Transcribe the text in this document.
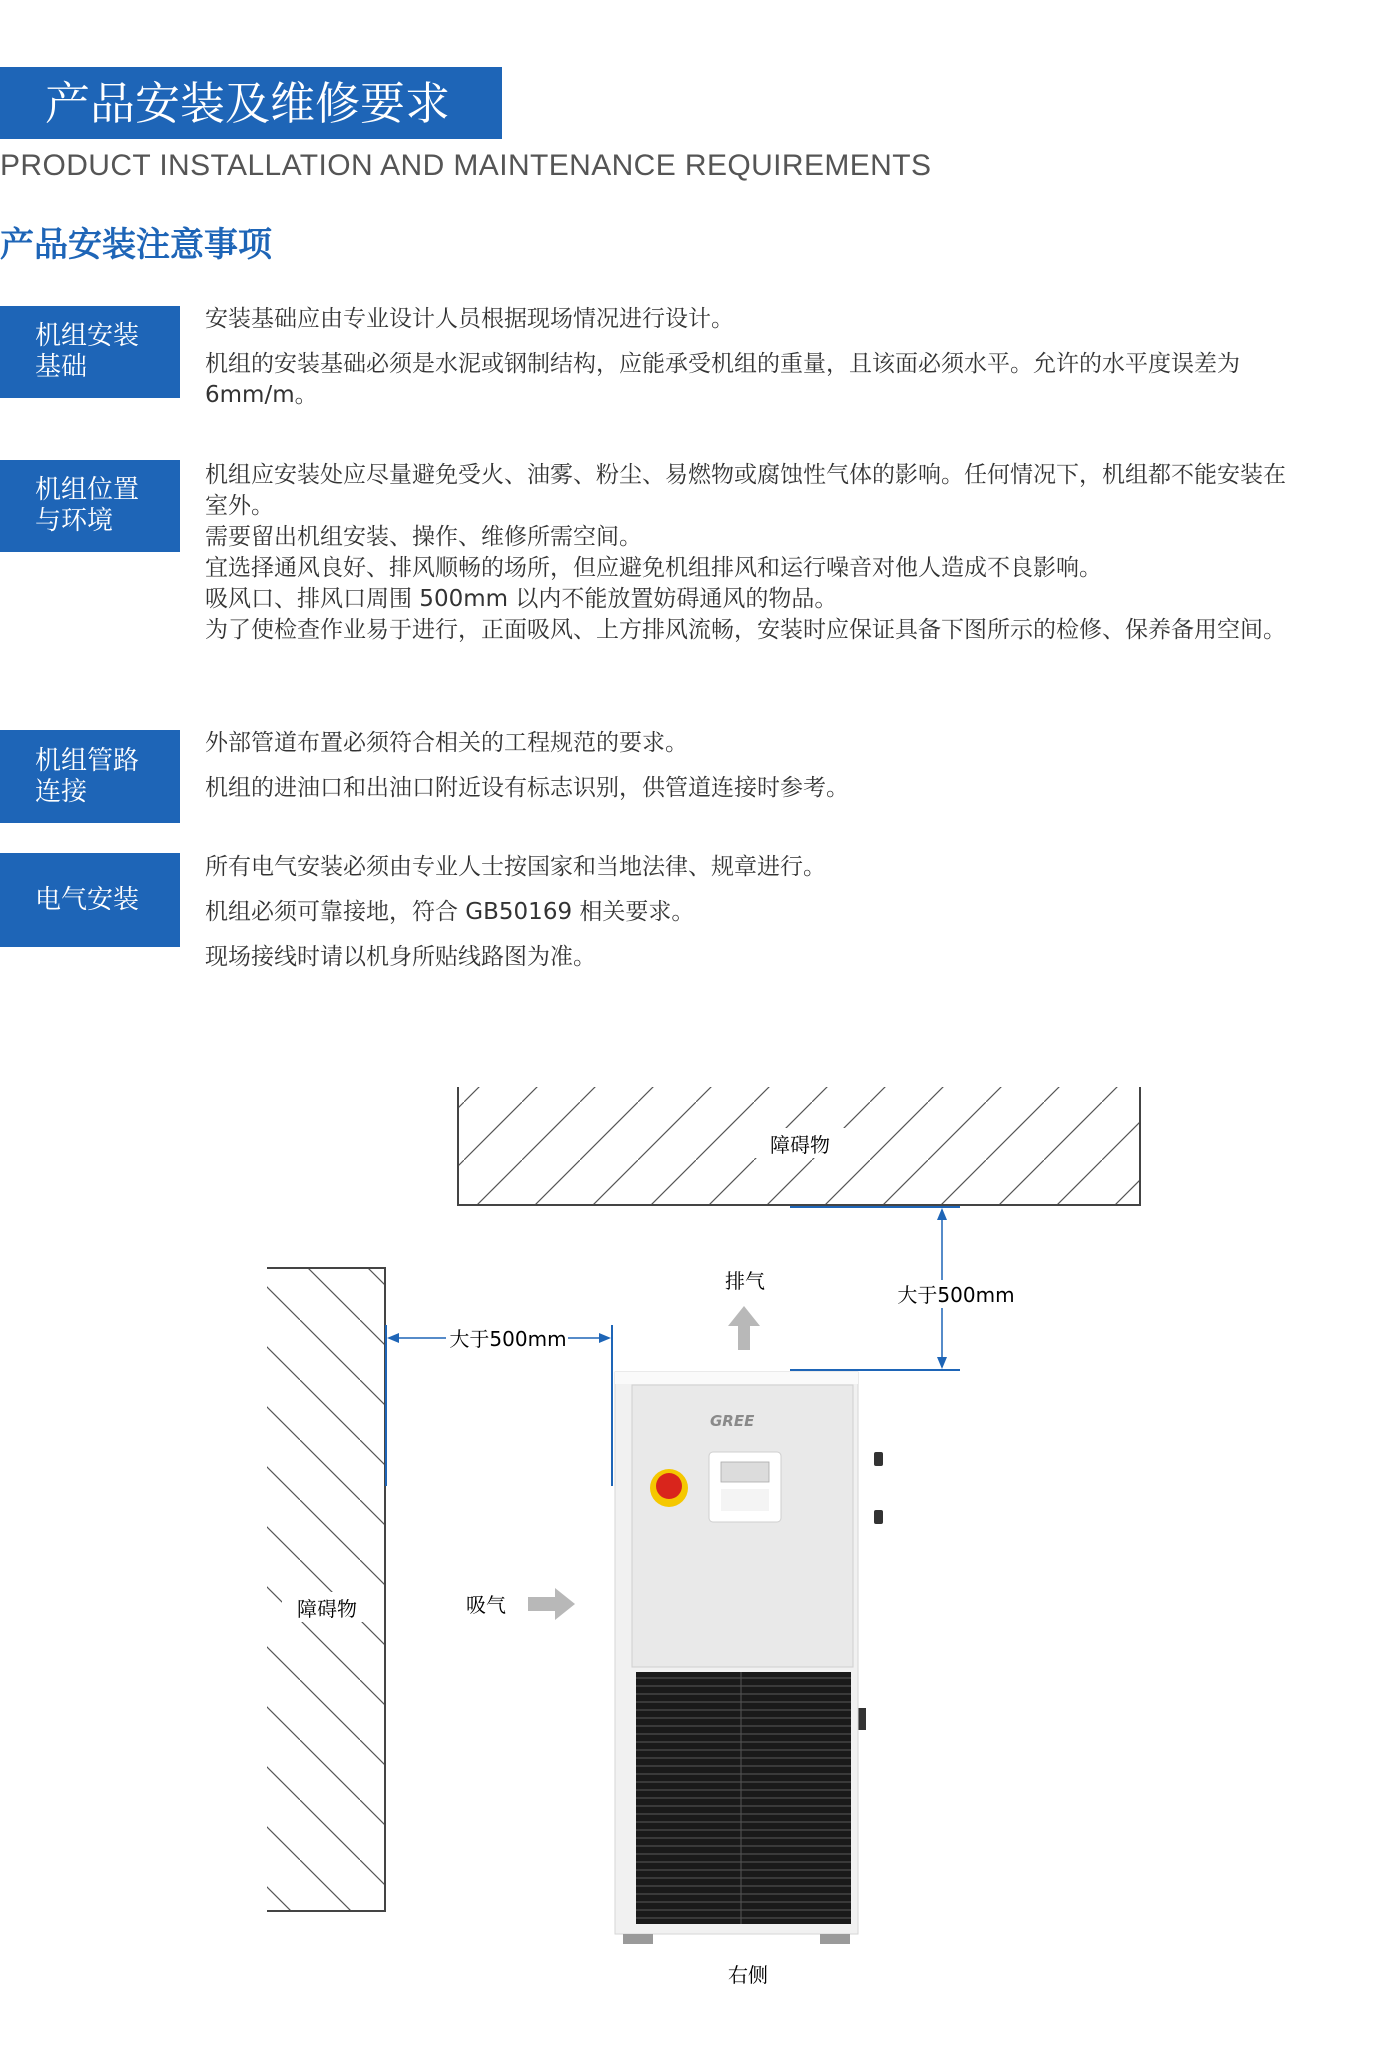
产品安装及维修要求
PRODUCT INSTALLATION AND MAINTENANCE REQUIREMENTS
产品安装注意事项
机组安装
基础

安装基础应由专业设计人员根据现场情况进行设计。

机组的安装基础必须是水泥或钢制结构，应能承受机组的重量，且该面必须水平。允许的水平度误差为

6mm/m。

机组位置
与环境

机组应安装处应尽量避免受火、油雾、粉尘、易燃物或腐蚀性气体的影响。任何情况下，机组都不能安装在

室外。

需要留出机组安装、操作、维修所需空间。

宜选择通风良好、排风顺畅的场所，但应避免机组排风和运行噪音对他人造成不良影响。

吸风口、排风口周围 500mm 以内不能放置妨碍通风的物品。

为了使检查作业易于进行，正面吸风、上方排风流畅，安装时应保证具备下图所示的检修、保养备用空间。

机组管路
连接

外部管道布置必须符合相关的工程规范的要求。

机组的进油口和出油口附近设有标志识别，供管道连接时参考。

电气安装

所有电气安装必须由专业人士按国家和当地法律、规章进行。

机组必须可靠接地，符合 GB50169 相关要求。

现场接线时请以机身所贴线路图为准。

GREE
障碍物
障碍物
排气
吸气
大于500mm
大于500mm
右侧
